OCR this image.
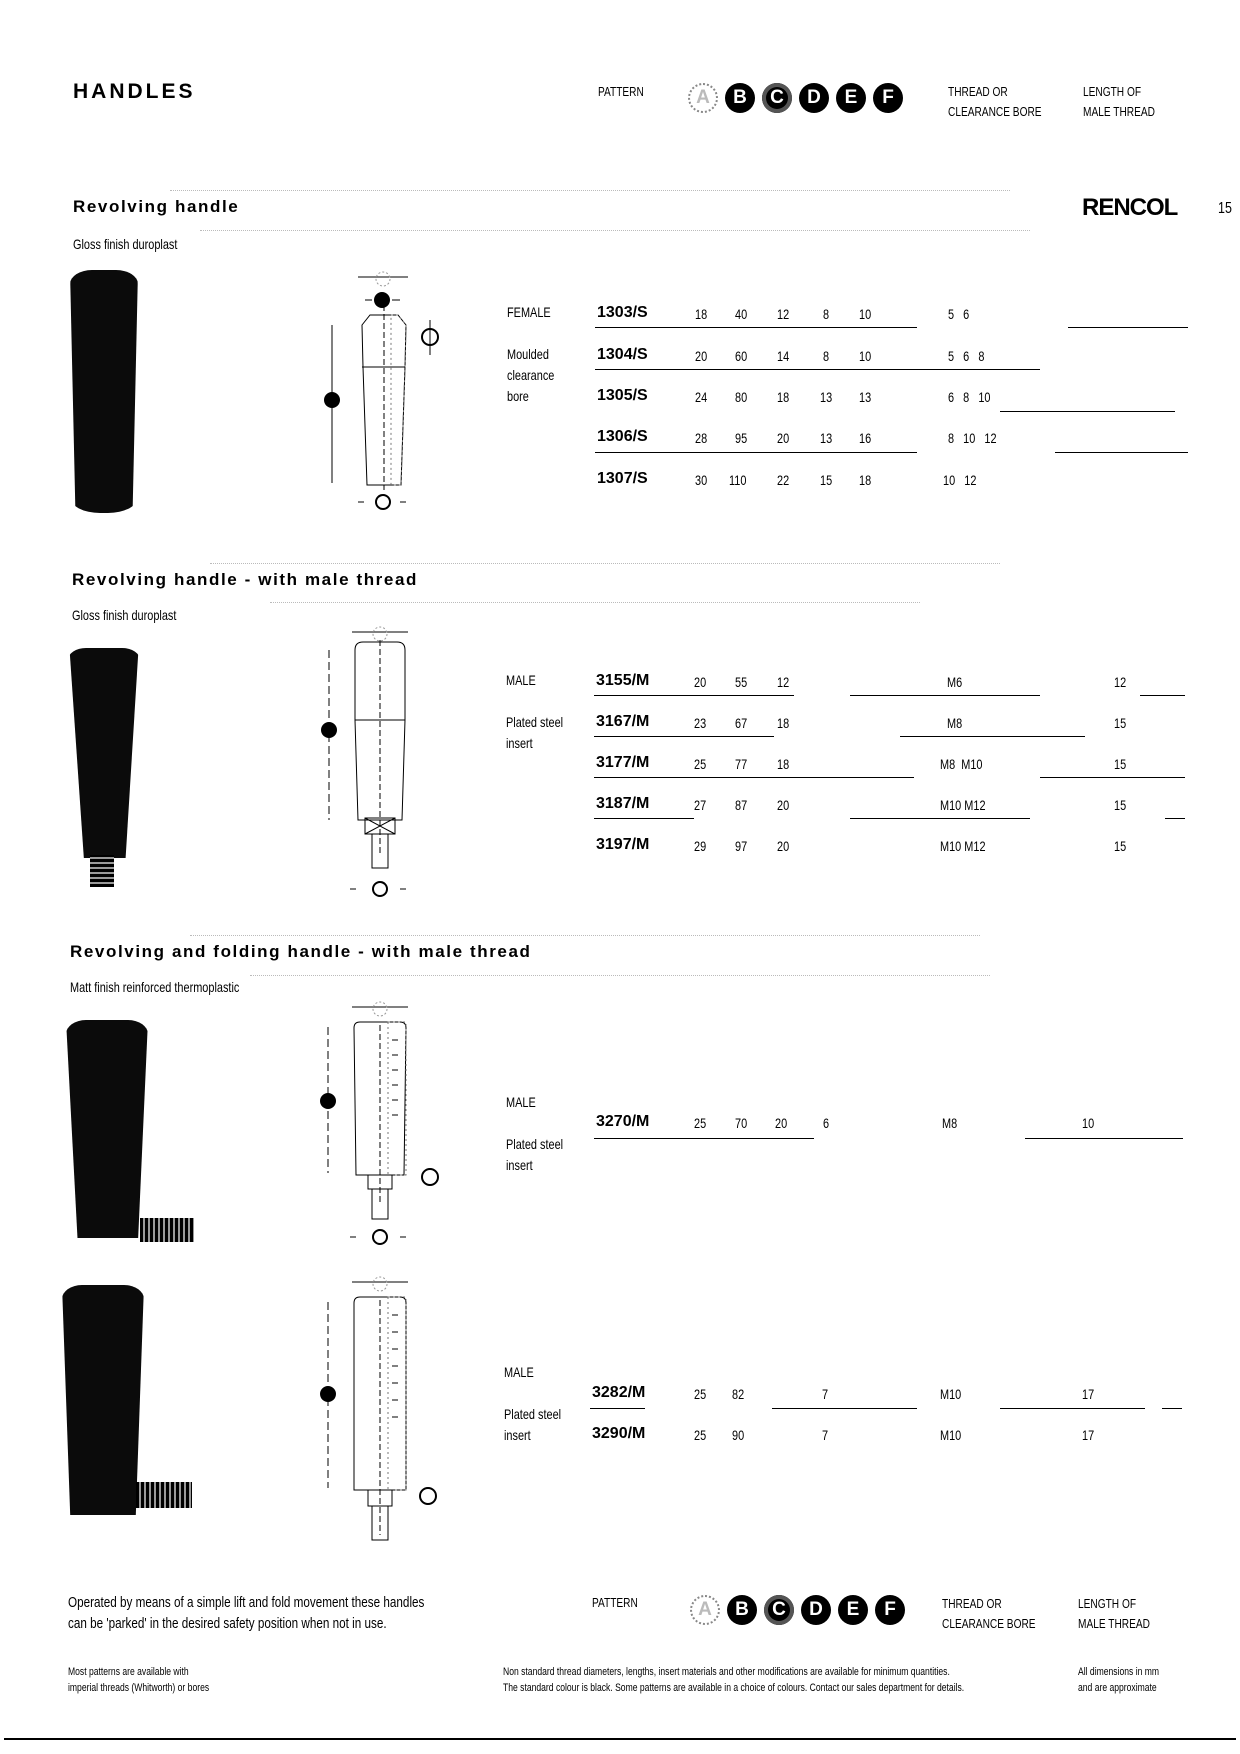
HANDLES	PATTERN	A B C D E F	THREAD OR
CLEARANCE BORE
LENGTH OF
MALE THREAD
RENCOL	15
Revolving handle
Gloss finish duroplast
FEMALE
Moulded
clearance
bore
1303/S	18 40 12 8 10	5   6
1304/S	20 60 14 8 10	5   6   8
1305/S	24 80 18 13 13	6   8   10
1306/S	28 95 20 13 16	8   10   12
1307/S	30 110 22 15 18	10   12
Revolving handle - with male thread
Gloss finish duroplast
MALE
Plated steel
insert
3155/M	20 55 12	M6	12
3167/M	23 67 18	M8	15
3177/M	25 77 18	M8  M10	15
3187/M	27 87 20	M10 M12	15
3197/M	29 97 20	M10 M12	15
Revolving and folding handle - with male thread
Matt finish reinforced thermoplastic
MALE
Plated steel
insert
3270/M	25 70 20	6	M8	10
MALE
Plated steel
insert
3282/M	25 82	7	M10	17
3290/M	25 90	7	M10	17
Operated by means of a simple lift and fold movement these handles
can be 'parked' in the desired safety position when not in use.
PATTERN	A B C D E F	THREAD OR
CLEARANCE BORE
LENGTH OF
MALE THREAD
Most patterns are available with
imperial threads (Whitworth) or bores
Non standard thread diameters, lengths, insert materials and other modifications are available for minimum quantities.
The standard colour is black. Some patterns are available in a choice of colours. Contact our sales department for details.
All dimensions in mm
and are approximate
